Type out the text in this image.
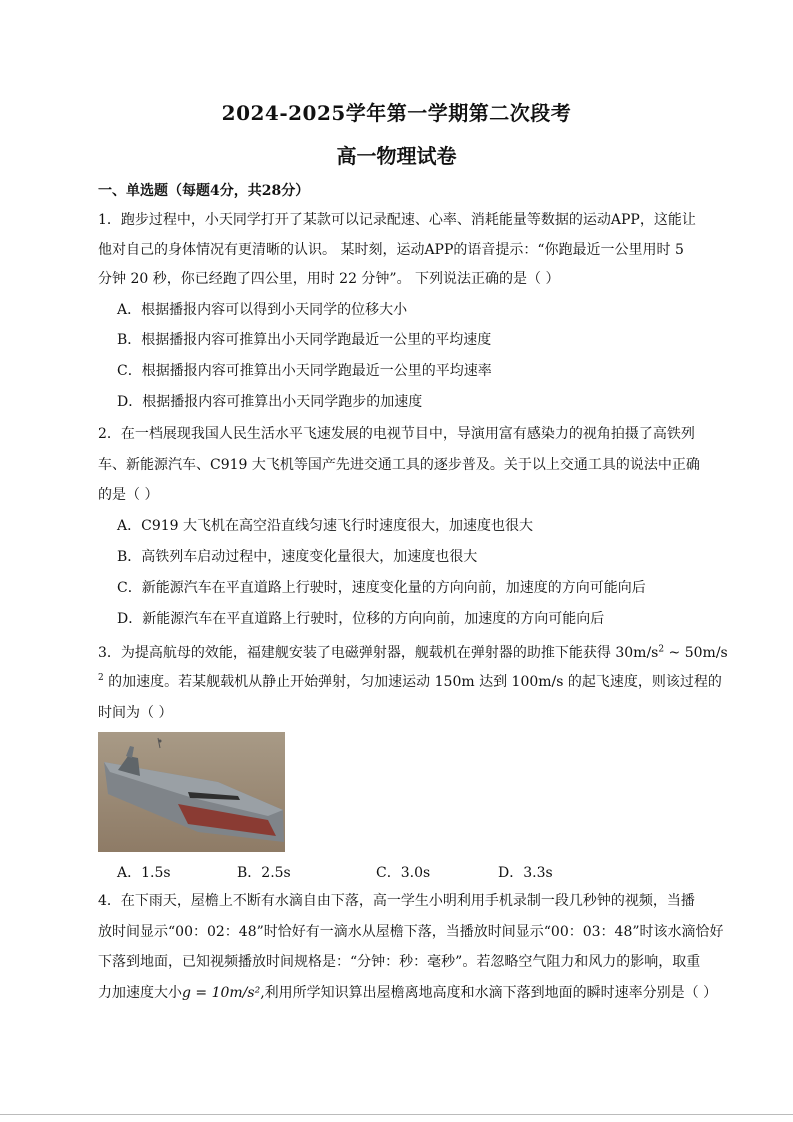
2024-2025学年第一学期第二次段考
高一物理试卷
一、单选题（每题4分，共28分）
1．跑步过程中，小天同学打开了某款可以记录配速、心率、消耗能量等数据的运动APP，这能让
他对自己的身体情况有更清晰的认识。 某时刻，运动APP的语音提示：“你跑最近一公里用时 5
分钟 20 秒，你已经跑了四公里，用时 22 分钟”。 下列说法正确的是（ ）
A．根据播报内容可以得到小天同学的位移大小
B．根据播报内容可推算出小天同学跑最近一公里的平均速度
C．根据播报内容可推算出小天同学跑最近一公里的平均速率
D．根据播报内容可推算出小天同学跑步的加速度
2．在一档展现我国人民生活水平飞速发展的电视节目中，导演用富有感染力的视角拍摄了高铁列
车、新能源汽车、C919 大飞机等国产先进交通工具的逐步普及。关于以上交通工具的说法中正确
的是（ ）
A．C919 大飞机在高空沿直线匀速飞行时速度很大，加速度也很大
B．高铁列车启动过程中，速度变化量很大，加速度也很大
C．新能源汽车在平直道路上行驶时，速度变化量的方向向前，加速度的方向可能向后
D．新能源汽车在平直道路上行驶时，位移的方向向前，加速度的方向可能向后
3．为提高航母的效能，福建舰安装了电磁弹射器，舰载机在弹射器的助推下能获得 $30m/s^2$ ~ 50m/s
$^2$ 的加速度。若某舰载机从静止开始弹射，匀加速运动 150m 达到 100m/s 的起飞速度，则该过程的
时间为（ ）
A．1.5s	B．2.5s	C．3.0s	D．3.3s
4．在下雨天，屋檐上不断有水滴自由下落，高一学生小明利用手机录制一段几秒钟的视频，当播
放时间显示“00：02：48”时恰好有一滴水从屋檐下落，当播放时间显示“00：03：48”时该水滴恰好
下落到地面，已知视频播放时间规格是：“分钟：秒：毫秒”。若忽略空气阻力和风力的影响，取重
力加速度大小g = 10m/s²,利用所学知识算出屋檐离地高度和水滴下落到地面的瞬时速率分别是（ ）
